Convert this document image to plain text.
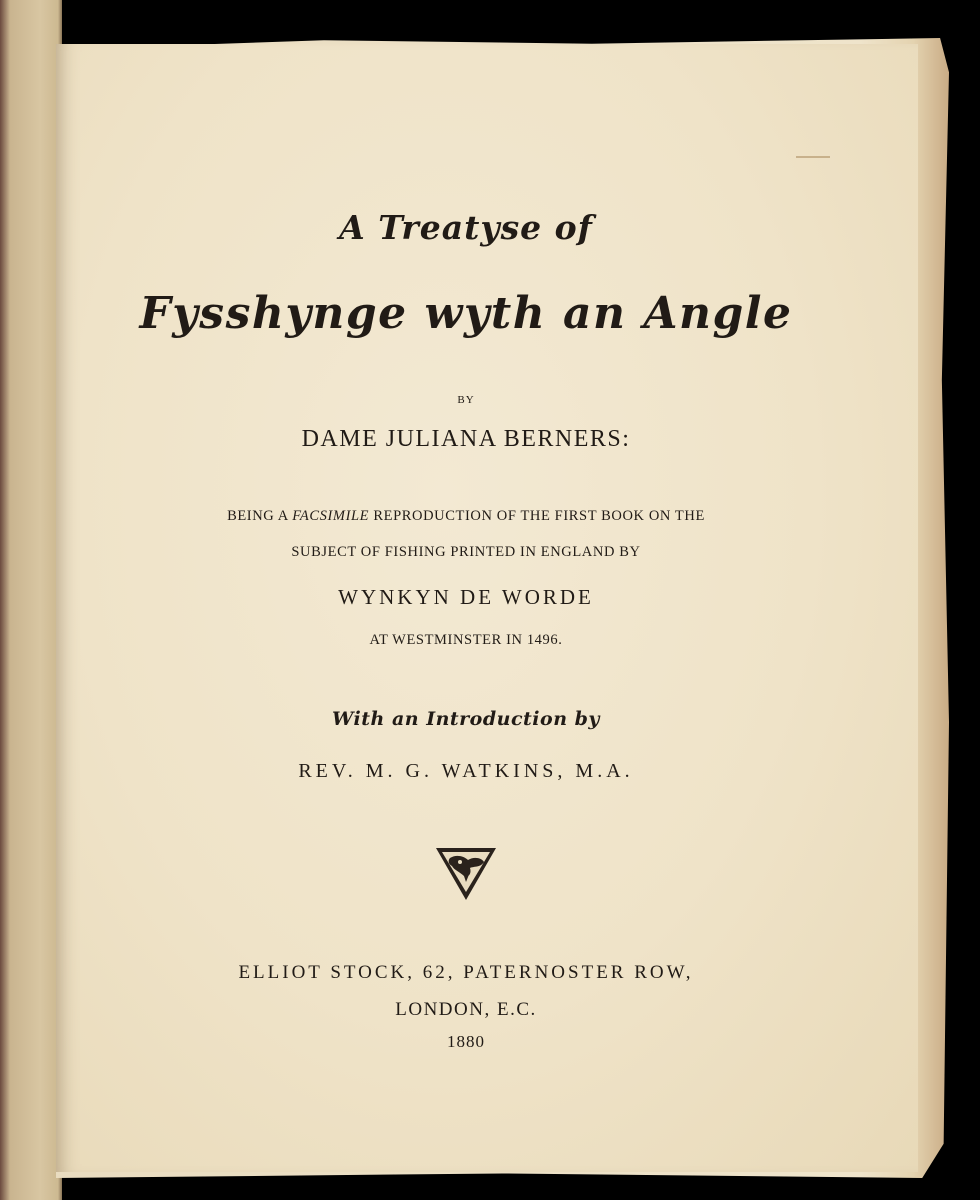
A Treatyse of
Fysshynge wyth an Angle
BY
DAME JULIANA BERNERS:
BEING A FACSIMILE REPRODUCTION OF THE FIRST BOOK ON THE
SUBJECT OF FISHING PRINTED IN ENGLAND BY
WYNKYN DE WORDE
AT WESTMINSTER IN 1496.
With an Introduction by
REV. M. G. WATKINS, M.A.
ELLIOT STOCK, 62, PATERNOSTER ROW,
LONDON, E.C.
1880
